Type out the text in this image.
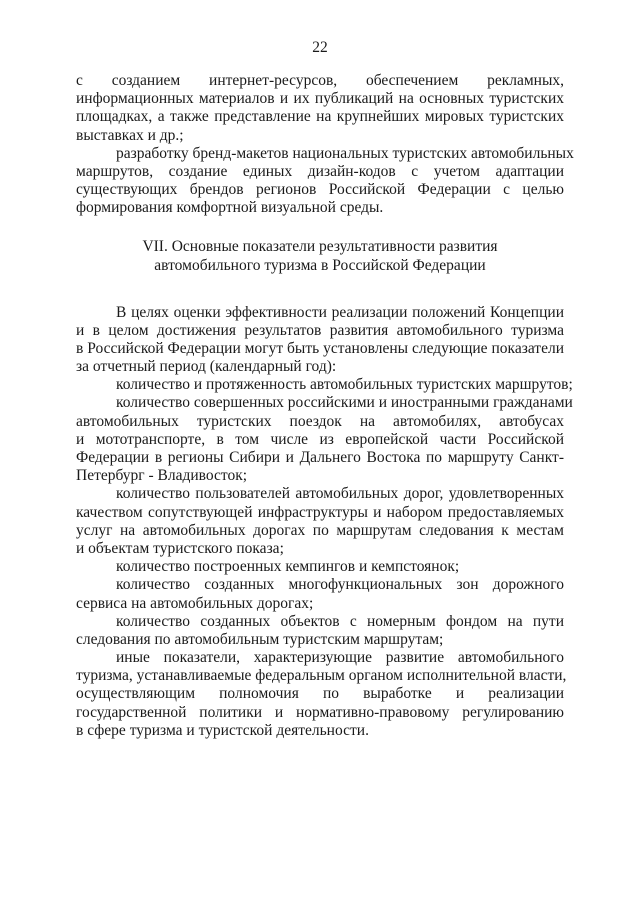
22
с созданием интернет-ресурсов, обеспечением рекламных,
информационных материалов и их публикаций на основных туристских
площадках, а также представление на крупнейших мировых туристских
выставках и др.;
разработку бренд-макетов национальных туристских автомобильных
маршрутов, создание единых дизайн-кодов с учетом адаптации
существующих брендов регионов Российской Федерации с целью
формирования комфортной визуальной среды.
VII. Основные показатели результативности развития
автомобильного туризма в Российской Федерации
В целях оценки эффективности реализации положений Концепции
и в целом достижения результатов развития автомобильного туризма
в Российской Федерации могут быть установлены следующие показатели
за отчетный период (календарный год):
количество и протяженность автомобильных туристских маршрутов;
количество совершенных российскими и иностранными гражданами
автомобильных туристских поездок на автомобилях, автобусах
и мототранспорте, в том числе из европейской части Российской
Федерации в регионы Сибири и Дальнего Востока по маршруту Санкт-
Петербург - Владивосток;
количество пользователей автомобильных дорог, удовлетворенных
качеством сопутствующей инфраструктуры и набором предоставляемых
услуг на автомобильных дорогах по маршрутам следования к местам
и объектам туристского показа;
количество построенных кемпингов и кемпстоянок;
количество созданных многофункциональных зон дорожного
сервиса на автомобильных дорогах;
количество созданных объектов с номерным фондом на пути
следования по автомобильным туристским маршрутам;
иные показатели, характеризующие развитие автомобильного
туризма, устанавливаемые федеральным органом исполнительной власти,
осуществляющим полномочия по выработке и реализации
государственной политики и нормативно-правовому регулированию
в сфере туризма и туристской деятельности.
